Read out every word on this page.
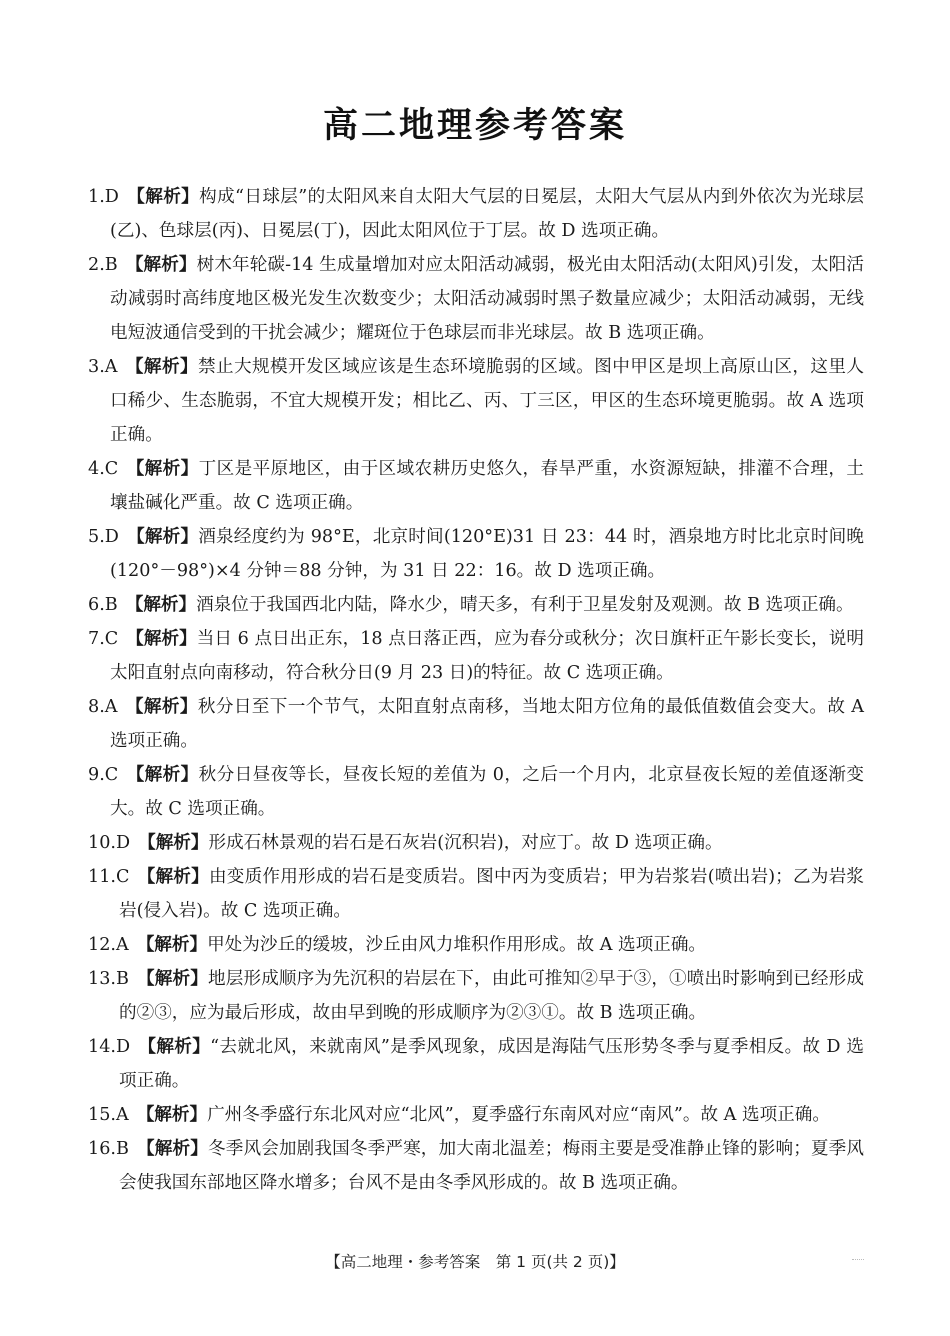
高二地理参考答案
1.D 【解析】构成“日球层”的太阳风来自太阳大气层的日冕层，太阳大气层从内到外依次为光球层(乙)、色球层(丙)、日冕层(丁)，因此太阳风位于丁层。故 D 选项正确。
2.B 【解析】树木年轮碳-14 生成量增加对应太阳活动减弱，极光由太阳活动(太阳风)引发，太阳活动减弱时高纬度地区极光发生次数变少；太阳活动减弱时黑子数量应减少；太阳活动减弱，无线电短波通信受到的干扰会减少；耀斑位于色球层而非光球层。故 B 选项正确。
3.A 【解析】禁止大规模开发区域应该是生态环境脆弱的区域。图中甲区是坝上高原山区，这里人口稀少、生态脆弱，不宜大规模开发；相比乙、丙、丁三区，甲区的生态环境更脆弱。故 A 选项正确。
4.C 【解析】丁区是平原地区，由于区域农耕历史悠久，春旱严重，水资源短缺，排灌不合理，土壤盐碱化严重。故 C 选项正确。
5.D 【解析】酒泉经度约为 98°E，北京时间(120°E)31 日 23：44 时，酒泉地方时比北京时间晚(120°－98°)×4 分钟＝88 分钟，为 31 日 22：16。故 D 选项正确。
6.B 【解析】酒泉位于我国西北内陆，降水少，晴天多，有利于卫星发射及观测。故 B 选项正确。
7.C 【解析】当日 6 点日出正东，18 点日落正西，应为春分或秋分；次日旗杆正午影长变长，说明太阳直射点向南移动，符合秋分日(9 月 23 日)的特征。故 C 选项正确。
8.A 【解析】秋分日至下一个节气，太阳直射点南移，当地太阳方位角的最低值数值会变大。故 A 选项正确。
9.C 【解析】秋分日昼夜等长，昼夜长短的差值为 0，之后一个月内，北京昼夜长短的差值逐渐变大。故 C 选项正确。
10.D 【解析】形成石林景观的岩石是石灰岩(沉积岩)，对应丁。故 D 选项正确。
11.C 【解析】由变质作用形成的岩石是变质岩。图中丙为变质岩；甲为岩浆岩(喷出岩)；乙为岩浆岩(侵入岩)。故 C 选项正确。
12.A 【解析】甲处为沙丘的缓坡，沙丘由风力堆积作用形成。故 A 选项正确。
13.B 【解析】地层形成顺序为先沉积的岩层在下，由此可推知②早于③，①喷出时影响到已经形成的②③，应为最后形成，故由早到晚的形成顺序为②③①。故 B 选项正确。
14.D 【解析】“去就北风，来就南风”是季风现象，成因是海陆气压形势冬季与夏季相反。故 D 选项正确。
15.A 【解析】广州冬季盛行东北风对应“北风”，夏季盛行东南风对应“南风”。故 A 选项正确。
16.B 【解析】冬季风会加剧我国冬季严寒，加大南北温差；梅雨主要是受准静止锋的影响；夏季风会使我国东部地区降水增多；台风不是由冬季风形成的。故 B 选项正确。
【高二地理・参考答案　第 1 页(共 2 页)】
